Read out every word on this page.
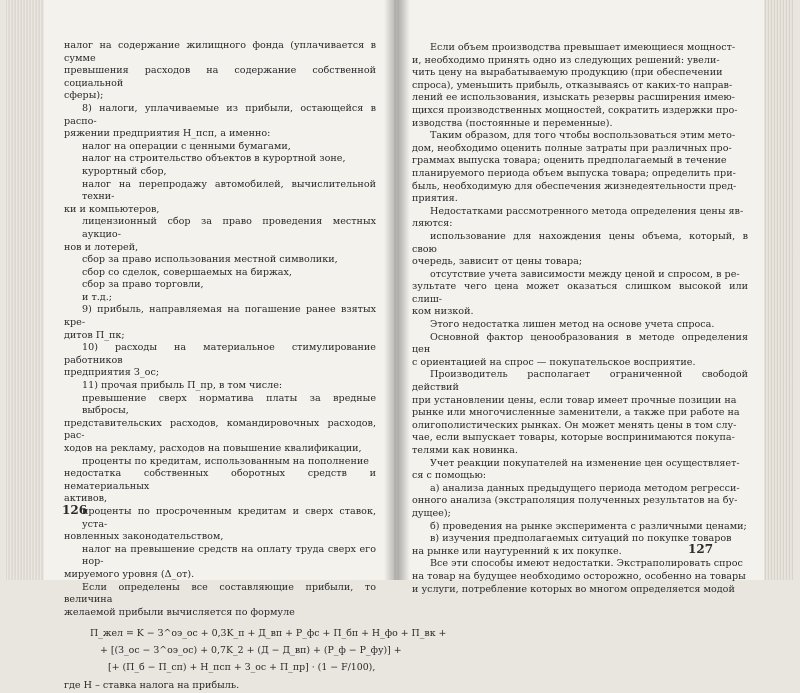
налог на содержание жилищного фонда (уплачивается в сумме

превышения расходов на содержание собственной социальной

сферы);

8) налоги, уплачиваемые из прибыли, остающейся в распо-

ряжении предприятия Н_псп, а именно:

налог на операции с ценными бумагами,

налог на строительство объектов в курортной зоне,

курортный сбор,

налог на перепродажу автомобилей, вычислительной техни-

ки и компьютеров,

лицензионный сбор за право проведения местных аукцио-

нов и лотерей,

сбор за право использования местной символики,

сбор со сделок, совершаемых на биржах,

сбор за право торговли,

и т.д.;

9) прибыль, направляемая на погашение ранее взятых кре-

дитов П_пк;

10) расходы на материальное стимулирование работников

предприятия З_ос;

11) прочая прибыль П_пр, в том числе:

превышение сверх норматива платы за вредные выбросы,

представительских расходов, командировочных расходов, рас-

ходов на рекламу, расходов на повышение квалификации,

проценты по кредитам, использованным на пополнение

недостатка собственных оборотных средств и нематериальных

активов,

проценты по просроченным кредитам и сверх ставок, уста-

новленных законодательством,

налог на превышение средств на оплату труда сверх его нор-

мируемого уровня (Δ_от).

Если определены все составляющие прибыли, то величина

желаемой прибыли вычисляется по формуле

П_жел = K − З^оэ_ос + 0,3K_п + Д_вп + Р_фс + П_бп + Н_фо + П_вк +
+ [(З_ос − З^оэ_ос) + 0,7K_2 + (Д − Д_вп) + (Р_ф − Р_фу)] +
[+ (П_б − П_сп) + Н_псп + З_ос + П_пр] · (1 − F/100),

где Н – ставка налога на прибыль.

126

Если объем производства превышает имеющиеся мощност-

и, необходимо принять одно из следующих решений: увели-

чить цену на вырабатываемую продукцию (при обеспечении

спроса), уменьшить прибыль, отказываясь от каких-то направ-

лений ее использования, изыскать резервы расширения имею-

щихся производственных мощностей, сократить издержки про-

изводства (постоянные и переменные).

Таким образом, для того чтобы воспользоваться этим мето-

дом, необходимо оценить полные затраты при различных про-

граммах выпуска товара; оценить предполагаемый в течение

планируемого периода объем выпуска товара; определить при-

быль, необходимую для обеспечения жизнедеятельности пред-

приятия.

Недостатками рассмотренного метода определения цены яв-

ляются:

использование для нахождения цены объема, который, в свою

очередь, зависит от цены товара;

отсутствие учета зависимости между ценой и спросом, в ре-

зультате чего цена может оказаться слишком высокой или слиш-

ком низкой.

Этого недостатка лишен метод на основе учета спроса.

Основной фактор ценообразования в методе определения цен

с ориентацией на спрос — покупательское восприятие.

Производитель располагает ограниченной свободой действий

при установлении цены, если товар имеет прочные позиции на

рынке или многочисленные заменители, а также при работе на

олигополистических рынках. Он может менять цены в том слу-

чае, если выпускает товары, которые воспринимаются покупа-

телями как новинка.

Учет реакции покупателей на изменение цен осуществляет-

ся с помощью:

а) анализа данных предыдущего периода методом регресси-

онного анализа (экстраполяция полученных результатов на бу-

дущее);

б) проведения на рынке эксперимента с различными ценами;

в) изучения предполагаемых ситуаций по покупке товаров

на рынке или наугуренний к их покупке.

Все эти способы имеют недостатки. Экстраполировать спрос

на товар на будущее необходимо осторожно, особенно на товары

и услуги, потребление которых во многом определяется модой

127
